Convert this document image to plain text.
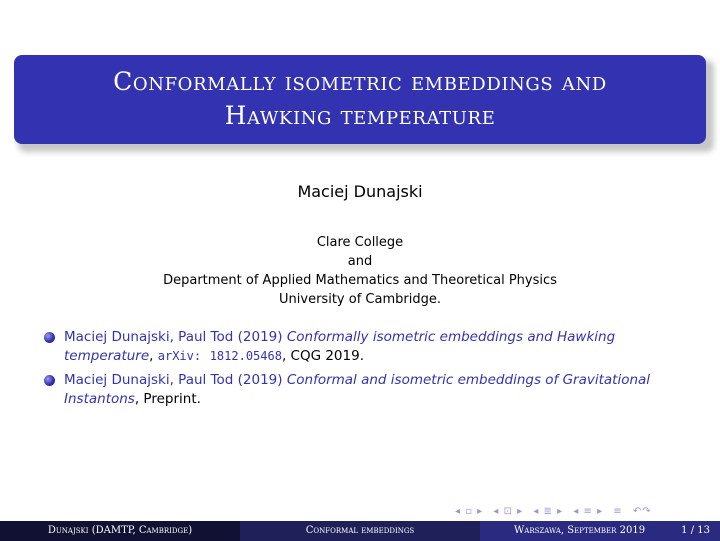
Conformally isometric embeddings and
Hawking temperature
Maciej Dunajski
Clare College
and
Department of Applied Mathematics and Theoretical Physics
University of Cambridge.
Maciej Dunajski, Paul Tod (2019) Conformally isometric embeddings and Hawking temperature, arXiv: 1812.05468, CQG 2019.
Maciej Dunajski, Paul Tod (2019) Conformal and isometric embeddings of Gravitational Instantons, Preprint.
◂ ▫ ▸ ◂ ⊡ ▸ ◂ ≣ ▸ ◂ ≡ ▸ ≡ ↶↷
Dunajski (DAMTP, Cambridge)	Conformal embeddings	Warszawa, September 2019	1 / 13
